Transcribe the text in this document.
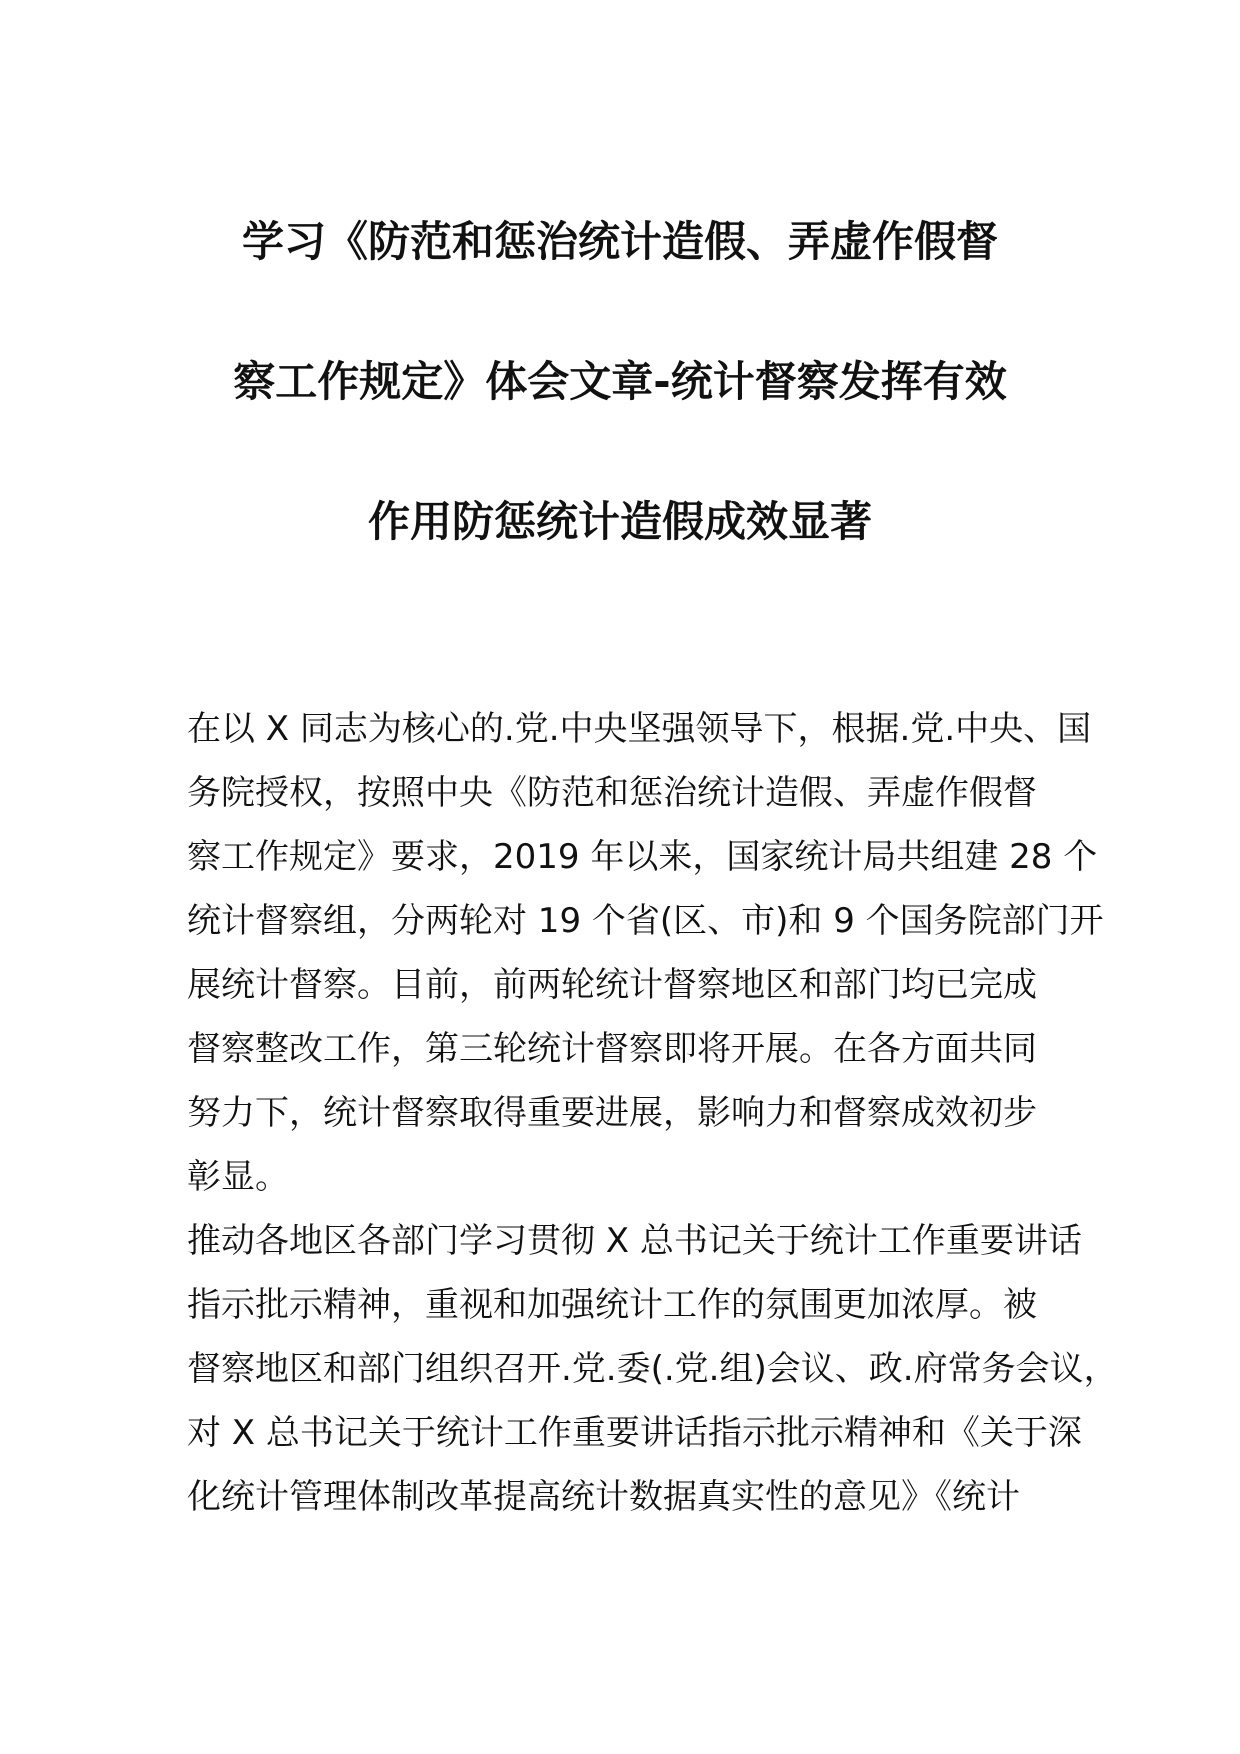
学习《防范和惩治统计造假、弄虚作假督
察工作规定》体会文章-统计督察发挥有效
作用防惩统计造假成效显著
在以 X 同志为核心的.党.中央坚强领导下，根据.党.中央、国
务院授权，按照中央《防范和惩治统计造假、弄虚作假督
察工作规定》要求，2019 年以来，国家统计局共组建 28 个
统计督察组，分两轮对 19 个省(区、市)和 9 个国务院部门开
展统计督察。目前，前两轮统计督察地区和部门均已完成
督察整改工作，第三轮统计督察即将开展。在各方面共同
努力下，统计督察取得重要进展，影响力和督察成效初步
彰显。
推动各地区各部门学习贯彻 X 总书记关于统计工作重要讲话
指示批示精神，重视和加强统计工作的氛围更加浓厚。被
督察地区和部门组织召开.党.委(.党.组)会议、政.府常务会议，
对 X 总书记关于统计工作重要讲话指示批示精神和《关于深
化统计管理体制改革提高统计数据真实性的意见》《统计
